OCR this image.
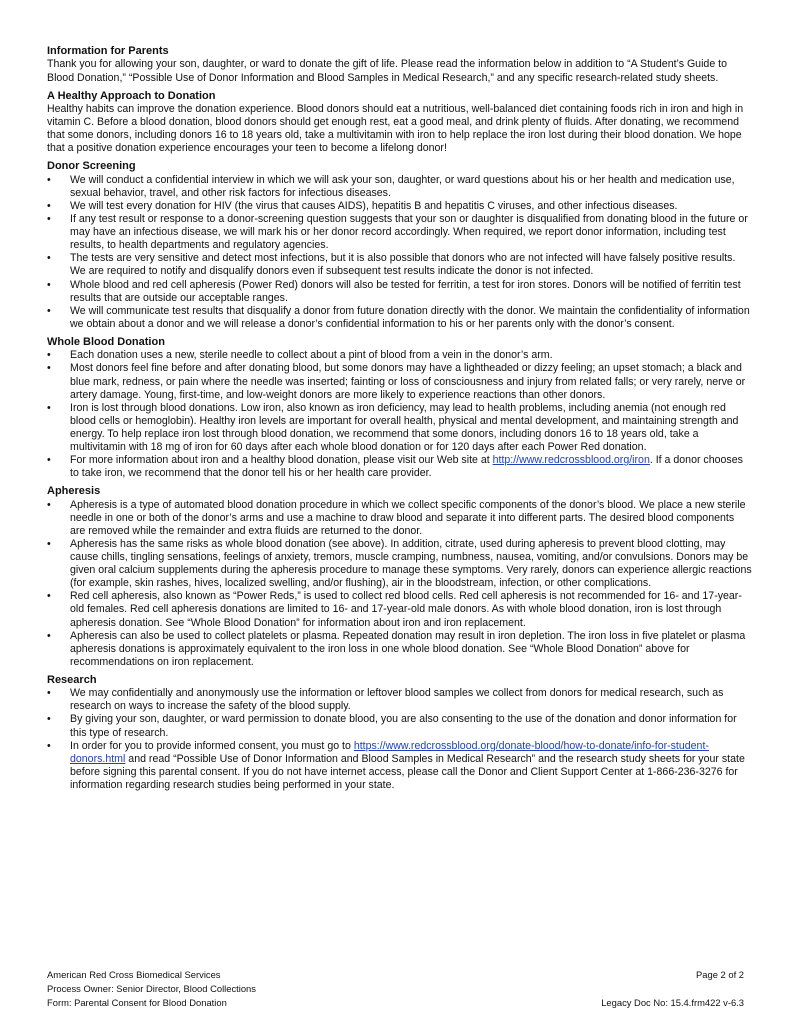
Information for Parents

Thank you for allowing your son, daughter, or ward to donate the gift of life. Please read the information below in addition to “A Student’s Guide to Blood Donation,” “Possible Use of Donor Information and Blood Samples in Medical Research,” and any specific research-related study sheets.

A Healthy Approach to Donation

Healthy habits can improve the donation experience. Blood donors should eat a nutritious, well-balanced diet containing foods rich in iron and high in vitamin C. Before a blood donation, blood donors should get enough rest, eat a good meal, and drink plenty of fluids. After donating, we recommend that some donors, including donors 16 to 18 years old, take a multivitamin with iron to help replace the iron lost during their blood donation. We hope that a positive donation experience encourages your teen to become a lifelong donor!

Donor Screening
•	We will conduct a confidential interview in which we will ask your son, daughter, or ward questions about his or her health and medication use, sexual behavior, travel, and other risk factors for infectious diseases.
•	We will test every donation for HIV (the virus that causes AIDS), hepatitis B and hepatitis C viruses, and other infectious diseases.
•	If any test result or response to a donor-screening question suggests that your son or daughter is disqualified from donating blood in the future or may have an infectious disease, we will mark his or her donor record accordingly. When required, we report donor information, including test results, to health departments and regulatory agencies.
•	The tests are very sensitive and detect most infections, but it is also possible that donors who are not infected will have falsely positive results. We are required to notify and disqualify donors even if subsequent test results indicate the donor is not infected.
•	Whole blood and red cell apheresis (Power Red) donors will also be tested for ferritin, a test for iron stores. Donors will be notified of ferritin test results that are outside our acceptable ranges.
•	We will communicate test results that disqualify a donor from future donation directly with the donor. We maintain the confidentiality of information we obtain about a donor and we will release a donor’s confidential information to his or her parents only with the donor’s consent.
Whole Blood Donation
•	Each donation uses a new, sterile needle to collect about a pint of blood from a vein in the donor’s arm.
•	Most donors feel fine before and after donating blood, but some donors may have a lightheaded or dizzy feeling; an upset stomach; a black and blue mark, redness, or pain where the needle was inserted; fainting or loss of consciousness and injury from related falls; or very rarely, nerve or artery damage. Young, first-time, and low-weight donors are more likely to experience reactions than other donors.
•	Iron is lost through blood donations. Low iron, also known as iron deficiency, may lead to health problems, including anemia (not enough red blood cells or hemoglobin). Healthy iron levels are important for overall health, physical and mental development, and maintaining strength and energy. To help replace iron lost through blood donation, we recommend that some donors, including donors 16 to 18 years old, take a multivitamin with 18 mg of iron for 60 days after each whole blood donation or for 120 days after each Power Red donation.
•	For more information about iron and a healthy blood donation, please visit our Web site at http://www.redcrossblood.org/iron. If a donor chooses to take iron, we recommend that the donor tell his or her health care provider.
Apheresis
•	Apheresis is a type of automated blood donation procedure in which we collect specific components of the donor’s blood. We place a new sterile needle in one or both of the donor’s arms and use a machine to draw blood and separate it into different parts. The desired blood components are removed while the remainder and extra fluids are returned to the donor.
•	Apheresis has the same risks as whole blood donation (see above). In addition, citrate, used during apheresis to prevent blood clotting, may cause chills, tingling sensations, feelings of anxiety, tremors, muscle cramping, numbness, nausea, vomiting, and/or convulsions. Donors may be given oral calcium supplements during the apheresis procedure to manage these symptoms. Very rarely, donors can experience allergic reactions (for example, skin rashes, hives, localized swelling, and/or flushing), air in the bloodstream, infection, or other complications.
•	Red cell apheresis, also known as “Power Reds,” is used to collect red blood cells. Red cell apheresis is not recommended for 16- and 17-year-old females. Red cell apheresis donations are limited to 16- and 17-year-old male donors. As with whole blood donation, iron is lost through apheresis donation. See “Whole Blood Donation” for information about iron and iron replacement.
•	Apheresis can also be used to collect platelets or plasma. Repeated donation may result in iron depletion. The iron loss in five platelet or plasma apheresis donations is approximately equivalent to the iron loss in one whole blood donation. See “Whole Blood Donation” above for recommendations on iron replacement.
Research
•	We may confidentially and anonymously use the information or leftover blood samples we collect from donors for medical research, such as research on ways to increase the safety of the blood supply.
•	By giving your son, daughter, or ward permission to donate blood, you are also consenting to the use of the donation and donor information for this type of research.
•	In order for you to provide informed consent, you must go to https://www.redcrossblood.org/donate-blood/how-to-donate/info-for-student-donors.html and read “Possible Use of Donor Information and Blood Samples in Medical Research” and the research study sheets for your state before signing this parental consent. If you do not have internet access, please call the Donor and Client Support Center at 1-866-236-3276 for information regarding research studies being performed in your state.
American Red Cross Biomedical Services	Page 2 of 2
Process Owner: Senior Director, Blood Collections
Form: Parental Consent for Blood Donation	Legacy Doc No: 15.4.frm422 v-6.3
